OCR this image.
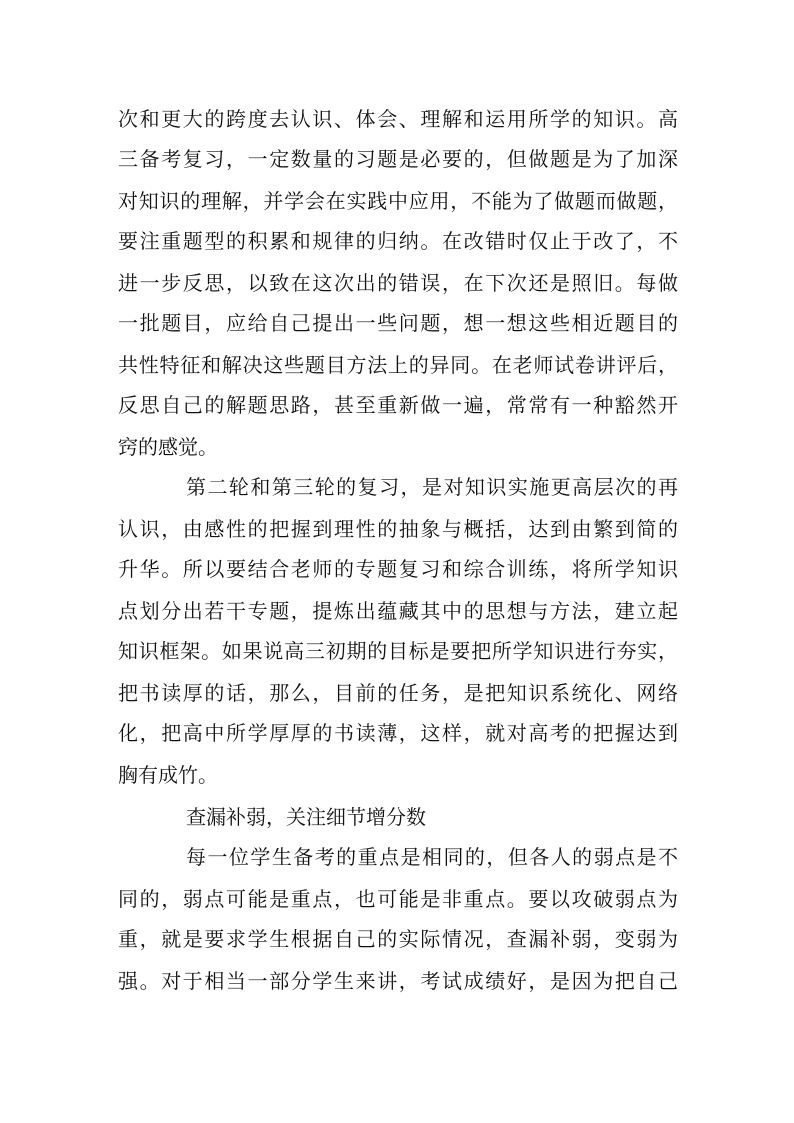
次和更大的跨度去认识、体会、理解和运用所学的知识。高
三备考复习，一定数量的习题是必要的，但做题是为了加深
对知识的理解，并学会在实践中应用，不能为了做题而做题，
要注重题型的积累和规律的归纳。在改错时仅止于改了，不
进一步反思，以致在这次出的错误，在下次还是照旧。每做
一批题目，应给自己提出一些问题，想一想这些相近题目的
共性特征和解决这些题目方法上的异同。在老师试卷讲评后，
反思自己的解题思路，甚至重新做一遍，常常有一种豁然开
窍的感觉。
第二轮和第三轮的复习，是对知识实施更高层次的再
认识，由感性的把握到理性的抽象与概括，达到由繁到简的
升华。所以要结合老师的专题复习和综合训练，将所学知识
点划分出若干专题，提炼出蕴藏其中的思想与方法，建立起
知识框架。如果说高三初期的目标是要把所学知识进行夯实，
把书读厚的话，那么，目前的任务，是把知识系统化、网络
化，把高中所学厚厚的书读薄，这样，就对高考的把握达到
胸有成竹。
查漏补弱，关注细节增分数
每一位学生备考的重点是相同的，但各人的弱点是不
同的，弱点可能是重点，也可能是非重点。要以攻破弱点为
重，就是要求学生根据自己的实际情况，查漏补弱，变弱为
强。对于相当一部分学生来讲，考试成绩好，是因为把自己
